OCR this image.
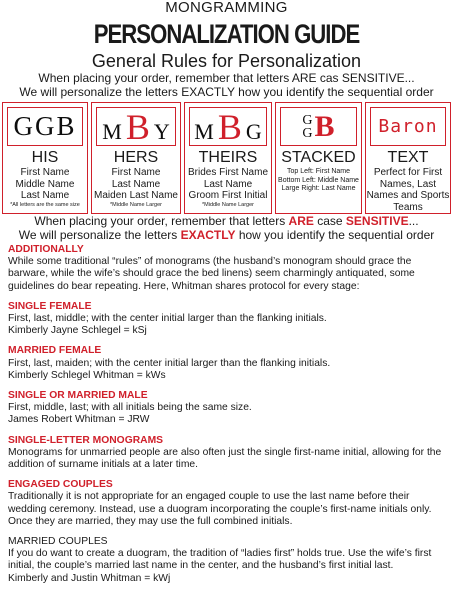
MONGRAMMING
PERSONALIZATION GUIDE
General Rules for Personalization
When placing your order, remember that letters ARE cas SENSITIVE...
We will personalize the letters EXACTLY how you identify the sequential order
GGB
HIS
First Name
Middle Name
Last Name
*All letters are the same size
M B Y
HERS
First Name
Last Name
Maiden Last Name
*Middle Name Larger
M B G
THEIRS
Brides First Name
Last Name
Groom First Initial
*Middle Name Larger
G
G B
STACKED
Top Left: First Name
Bottom Left: Middle Name
Large Right: Last Name
Baron
TEXT
Perfect for First
Names, Last
Names and Sports
Teams
When placing your order, remember that letters ARE case SENSITIVE...
We will personalize the letters EXACTLY how you identify the sequential order
ADDITIONALLY
While some traditional “rules” of monograms (the husband’s monogram should grace the barware, while the wife’s should grace the bed linens) seem charmingly antiquated, some guidelines do bear repeating. Here, Whitman shares protocol for every stage:
SINGLE FEMALE
First, last, middle; with the center initial larger than the flanking initials.
Kimberly Jayne Schlegel = kSj
MARRIED FEMALE
First, last, maiden; with the center initial larger than the flanking initials.
Kimberly Schlegel Whitman = kWs
SINGLE OR MARRIED MALE
First, middle, last; with all initials being the same size.
James Robert Whitman = JRW
SINGLE-LETTER MONOGRAMS
Monograms for unmarried people are also often just the single first-name initial, allowing for the addition of surname initials at a later time.
ENGAGED COUPLES
Traditionally it is not appropriate for an engaged couple to use the last name before their wedding ceremony. Instead, use a duogram incorporating the couple’s first-name initials only. Once they are married, they may use the full combined initials.
MARRIED COUPLES
If you do want to create a duogram, the tradition of “ladies first” holds true. Use the wife’s first initial, the couple’s married last name in the center, and the husband’s first initial last.
Kimberly and Justin Whitman = kWj
